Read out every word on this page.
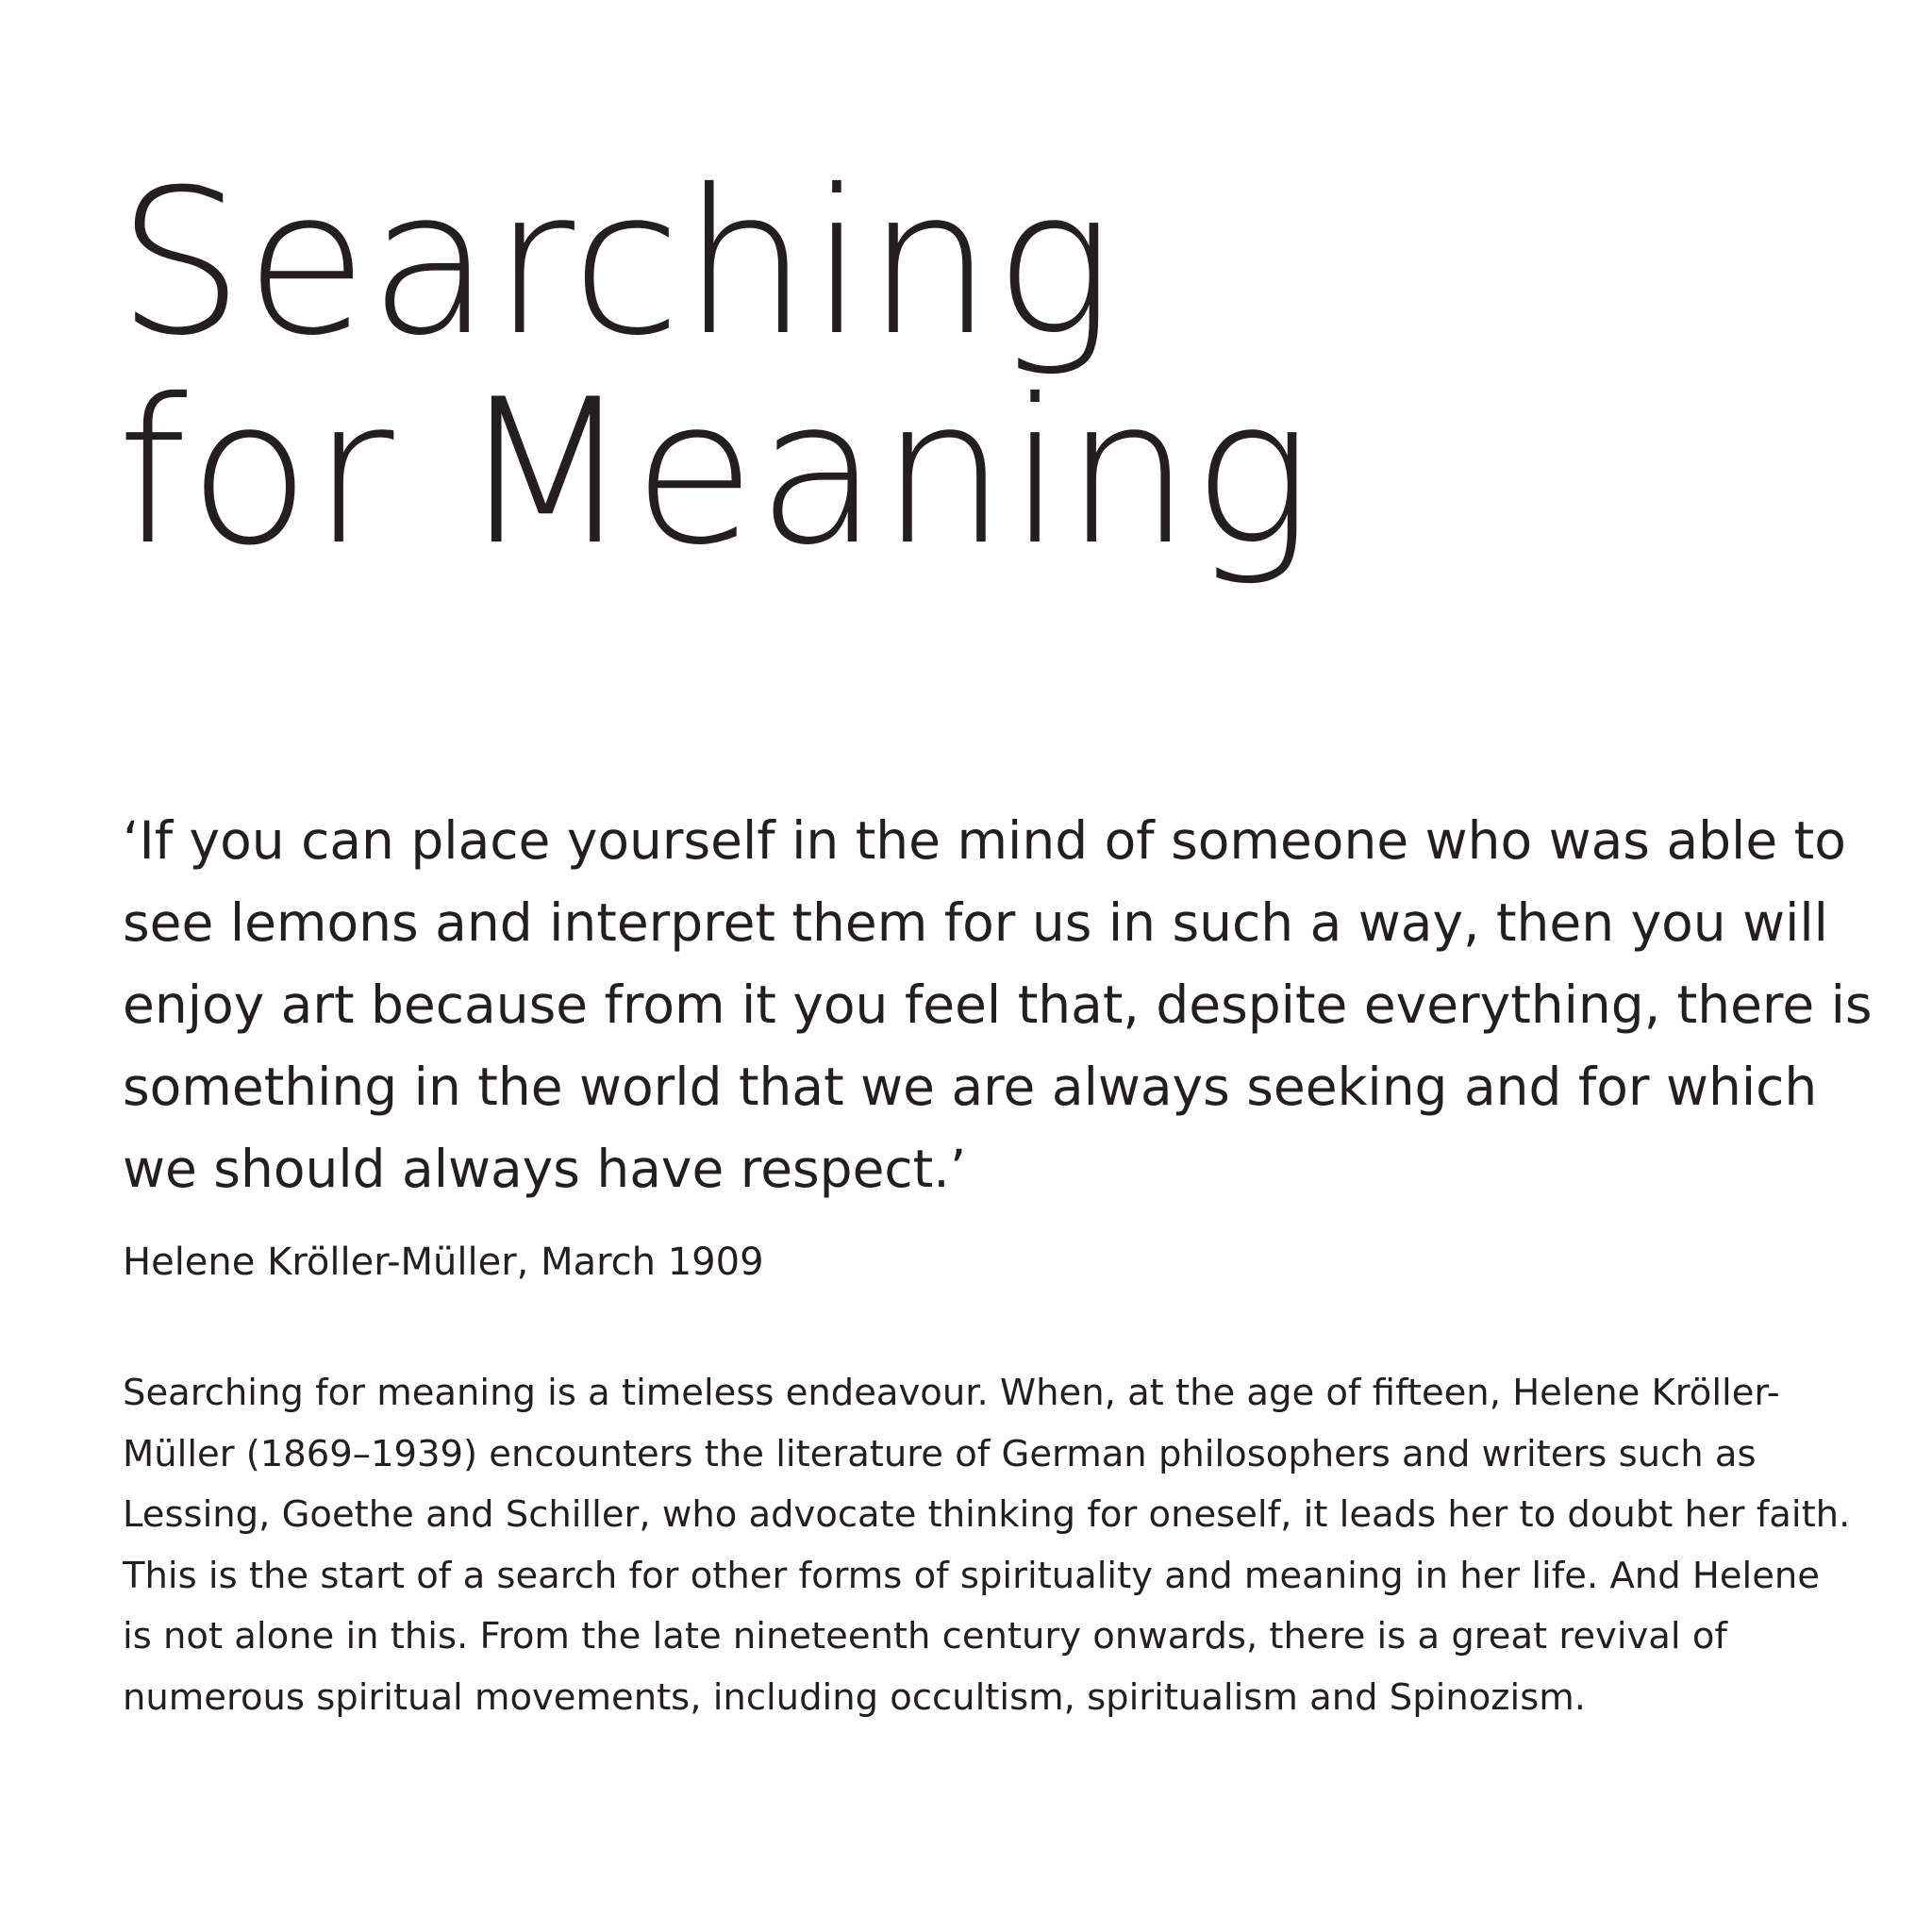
Searching
for Meaning

‘If you can place yourself in the mind of someone who was able to see lemons and interpret them for us in such a way, then you will enjoy art because from it you feel that, despite everything, there is something in the world that we are always seeking and for which we should always have respect.’

Helene Kröller-Müller, March 1909

Searching for meaning is a timeless endeavour. When, at the age of fifteen, Helene Kröller-Müller (1869–1939) encounters the literature of German philosophers and writers such as Lessing, Goethe and Schiller, who advocate thinking for oneself, it leads her to doubt her faith. This is the start of a search for other forms of spirituality and meaning in her life. And Helene is not alone in this. From the late nineteenth century onwards, there is a great revival of numerous spiritual movements, including occultism, spiritualism and Spinozism.
